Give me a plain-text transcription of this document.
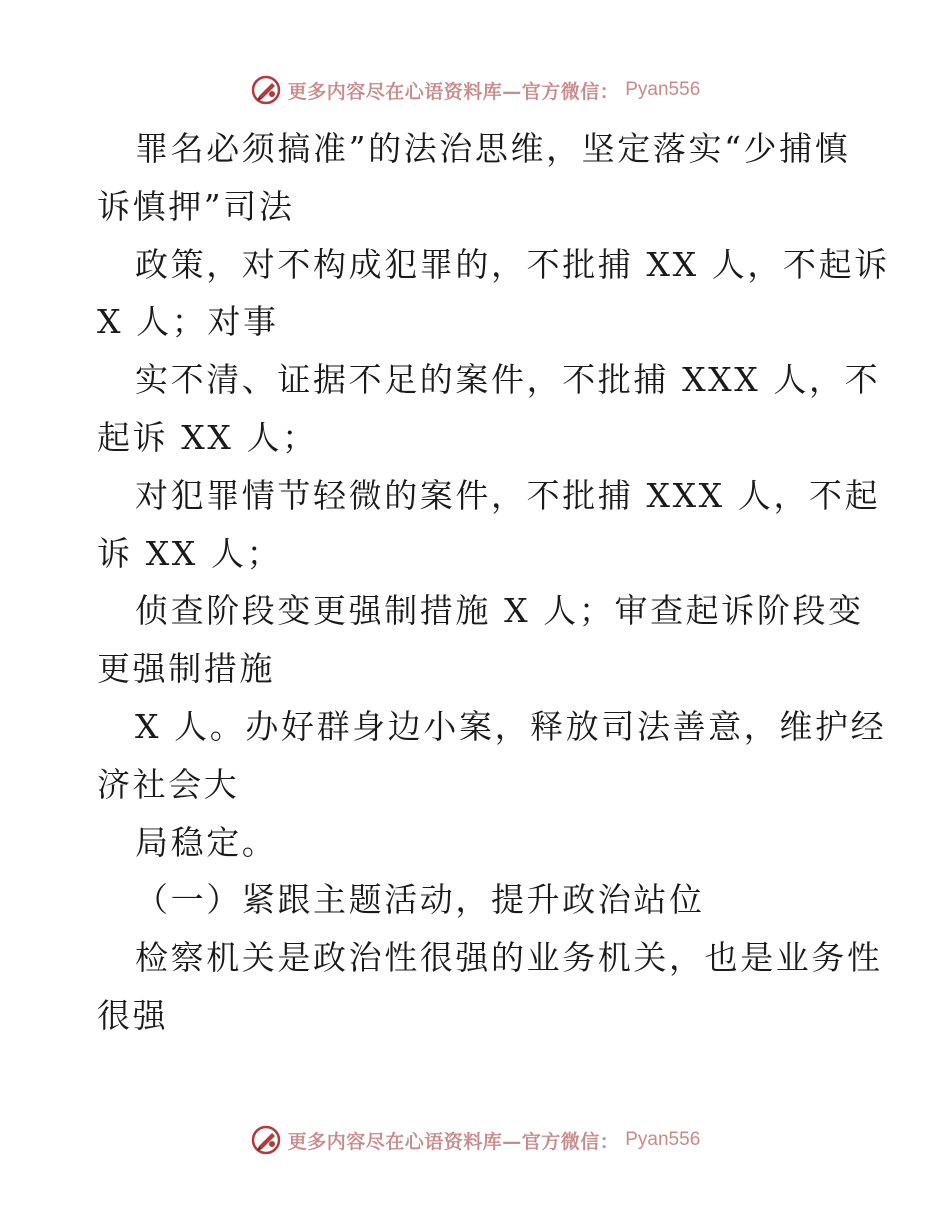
更多内容尽在心语资料库—官方微信： Pyan556
罪名必须搞准”的法治思维，坚定落实“少捕慎
诉慎押”司法
政策，对不构成犯罪的，不批捕 XX 人，不起诉
X 人；对事
实不清、证据不足的案件，不批捕 XXX 人，不
起诉 XX 人；
对犯罪情节轻微的案件，不批捕 XXX 人，不起
诉 XX 人；
侦查阶段变更强制措施 X 人；审查起诉阶段变
更强制措施
X 人。办好群身边小案，释放司法善意，维护经
济社会大
局稳定。
（一）紧跟主题活动，提升政治站位
检察机关是政治性很强的业务机关，也是业务性
很强
更多内容尽在心语资料库—官方微信： Pyan556
